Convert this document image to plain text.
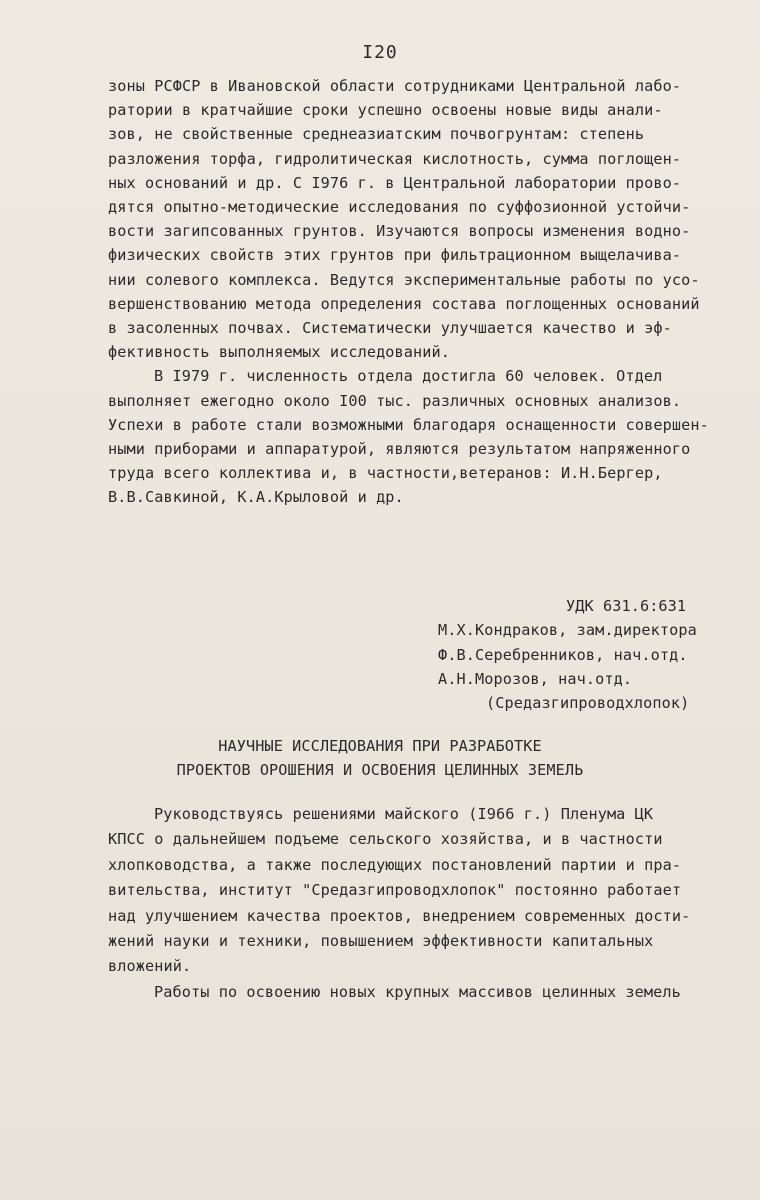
I20
зоны РСФСР в Ивановской области сотрудниками Центральной лабо-
ратории в кратчайшие сроки успешно освоены новые виды анали-
зов, не свойственные среднеазиатским почвогрунтам: степень
разложения торфа, гидролитическая кислотность, сумма поглощен-
ных оснований и др. С I976 г. в Центральной лаборатории прово-
дятся опытно-методические исследования по суффозионной устойчи-
вости загипсованных грунтов. Изучаются вопросы изменения водно-
физических свойств этих грунтов при фильтрационном выщелачива-
нии солевого комплекса. Ведутся экспериментальные работы по усо-
вершенствованию метода определения состава поглощенных оснований
в засоленных почвах. Систематически улучшается качество и эф-
фективность выполняемых исследований.
В I979 г. численность отдела достигла 60 человек. Отдел
выполняет ежегодно около I00 тыс. различных основных анализов.
Успехи в работе стали возможными благодаря оснащенности совершен-
ными приборами и аппаратурой, являются результатом напряженного
труда всего коллектива и, в частности,ветеранов: И.Н.Бергер,
В.В.Савкиной, К.А.Крыловой и др.
УДК 631.6:631
М.Х.Кондраков, зам.директора
Ф.В.Серебренников, нач.отд.
А.Н.Морозов, нач.отд.
(Средазгипроводхлопок)
НАУЧНЫЕ ИССЛЕДОВАНИЯ ПРИ РАЗРАБОТКЕ
ПРОЕКТОВ ОРОШЕНИЯ И ОСВОЕНИЯ ЦЕЛИННЫХ ЗЕМЕЛЬ
Руководствуясь решениями майского (I966 г.) Пленума ЦК
КПСС о дальнейшем подъеме сельского хозяйства, и в частности
хлопководства, а также последующих постановлений партии и пра-
вительства, институт "Средазгипроводхлопок" постоянно работает
над улучшением качества проектов, внедрением современных дости-
жений науки и техники, повышением эффективности капитальных
вложений.
Работы по освоению новых крупных массивов целинных земель
